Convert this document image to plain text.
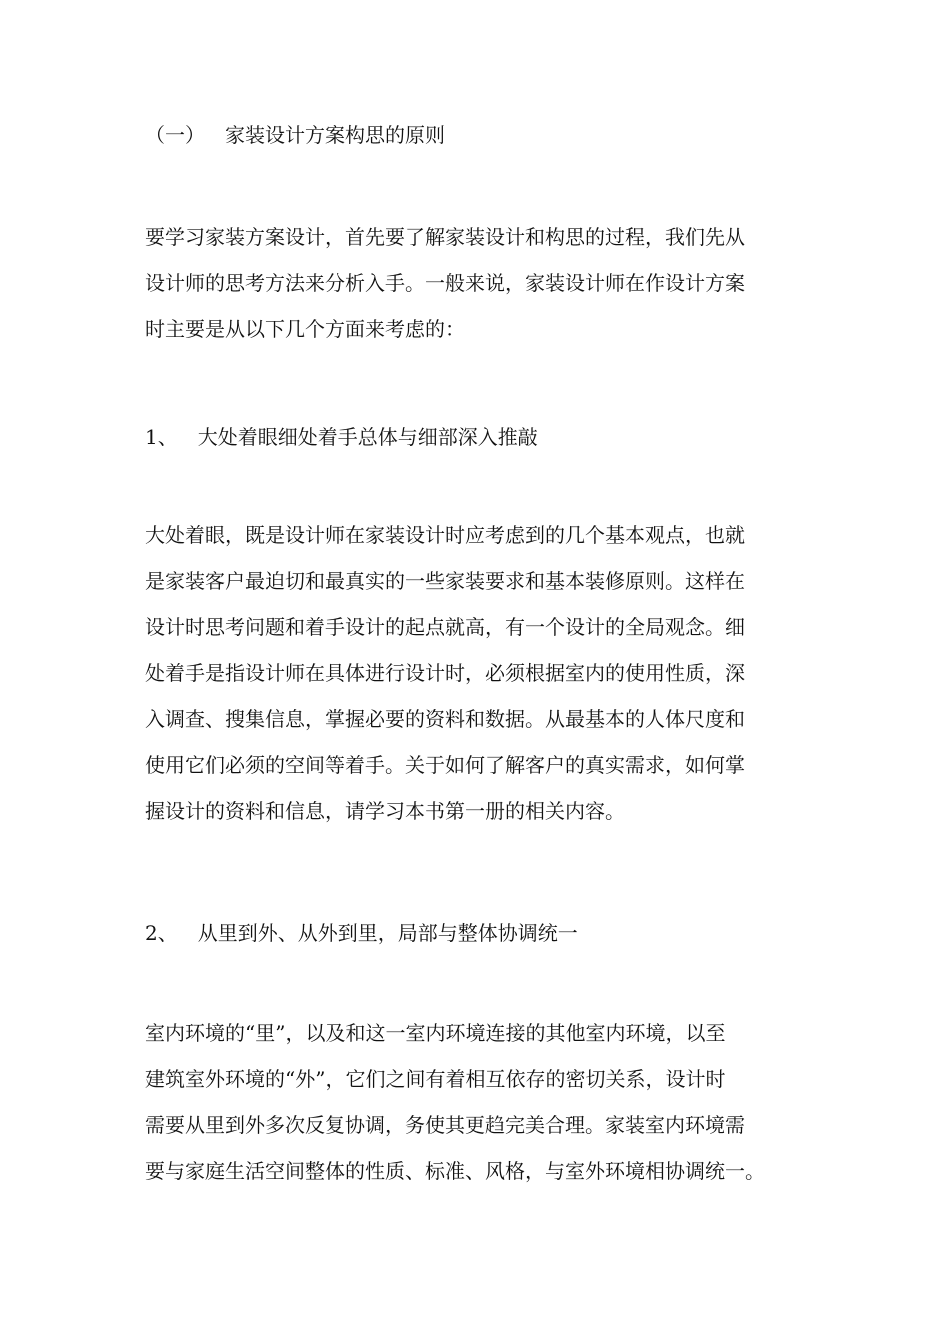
（一） 家装设计方案构思的原则

要学习家装方案设计，首先要了解家装设计和构思的过程，我们先从
设计师的思考方法来分析入手。一般来说，家装设计师在作设计方案
时主要是从以下几个方面来考虑的：

1、 大处着眼细处着手总体与细部深入推敲

大处着眼，既是设计师在家装设计时应考虑到的几个基本观点，也就
是家装客户最迫切和最真实的一些家装要求和基本装修原则。这样在
设计时思考问题和着手设计的起点就高，有一个设计的全局观念。细
处着手是指设计师在具体进行设计时，必须根据室内的使用性质，深
入调查、搜集信息，掌握必要的资料和数据。从最基本的人体尺度和
使用它们必须的空间等着手。关于如何了解客户的真实需求，如何掌
握设计的资料和信息，请学习本书第一册的相关内容。

2、 从里到外、从外到里，局部与整体协调统一

室内环境的“里”，以及和这一室内环境连接的其他室内环境，以至
建筑室外环境的“外”，它们之间有着相互依存的密切关系，设计时
需要从里到外多次反复协调，务使其更趋完美合理。家装室内环境需
要与家庭生活空间整体的性质、标准、风格，与室外环境相协调统一。
